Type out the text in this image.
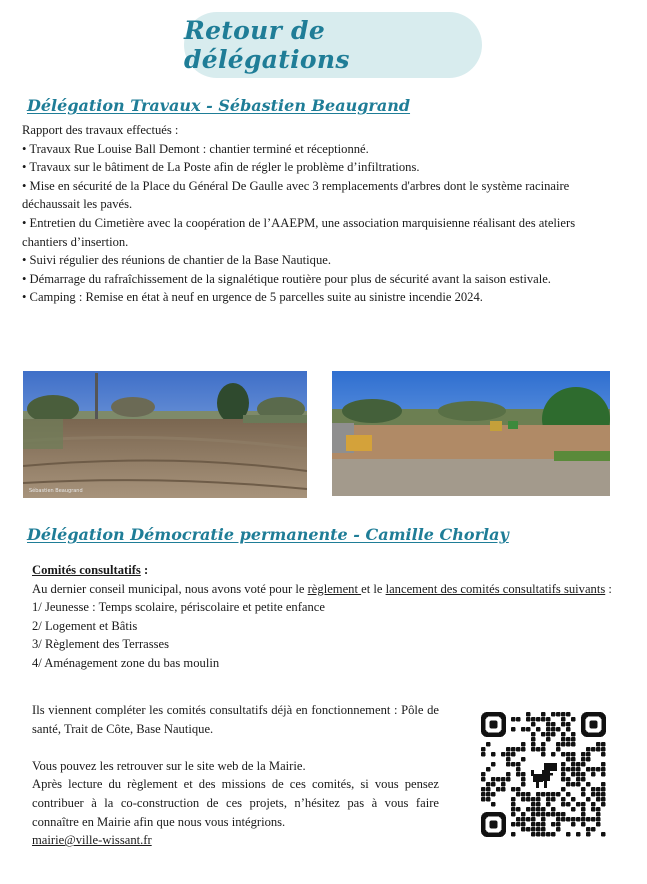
Retour de délégations
Délégation Travaux - Sébastien Beaugrand

Rapport des travaux effectués :

• Travaux Rue Louise Ball Demont : chantier terminé et réceptionné.

• Travaux sur le bâtiment de La Poste afin de régler le problème d’infiltrations.

• Mise en sécurité de la Place du Général De Gaulle avec 3 remplacements d'arbres dont le système racinaire déchaussait les pavés.

• Entretien du Cimetière avec la coopération de l’AAEPM, une association marquisienne réalisant des ateliers chantiers d’insertion.

• Suivi régulier des réunions de chantier de la Base Nautique.

• Démarrage du rafraîchissement de la signalétique routière pour plus de sécurité avant la saison estivale.

• Camping : Remise en état à neuf en urgence de 5 parcelles suite au sinistre incendie 2024.

Sébastien Beaugrand
Délégation Démocratie permanente - Camille Chorlay

Comités consultatifs :

Au dernier conseil municipal, nous avons voté pour le règlement et le lancement des comités consultatifs suivants :

1/ Jeunesse : Temps scolaire, périscolaire et petite enfance

2/ Logement et Bâtis

3/ Règlement des Terrasses

4/ Aménagement zone du bas moulin

Ils viennent compléter les comités consultatifs déjà en fonctionnement : Pôle de santé, Trait de Côte, Base Nautique.

Vous pouvez les retrouver sur le site web de la Mairie.

Après lecture du règlement et des missions de ces comités, si vous pensez contribuer à la co-construction de ces projets, n’hésitez pas à vous faire connaître en Mairie afin que nous vous intégrions.

mairie@ville-wissant.fr
